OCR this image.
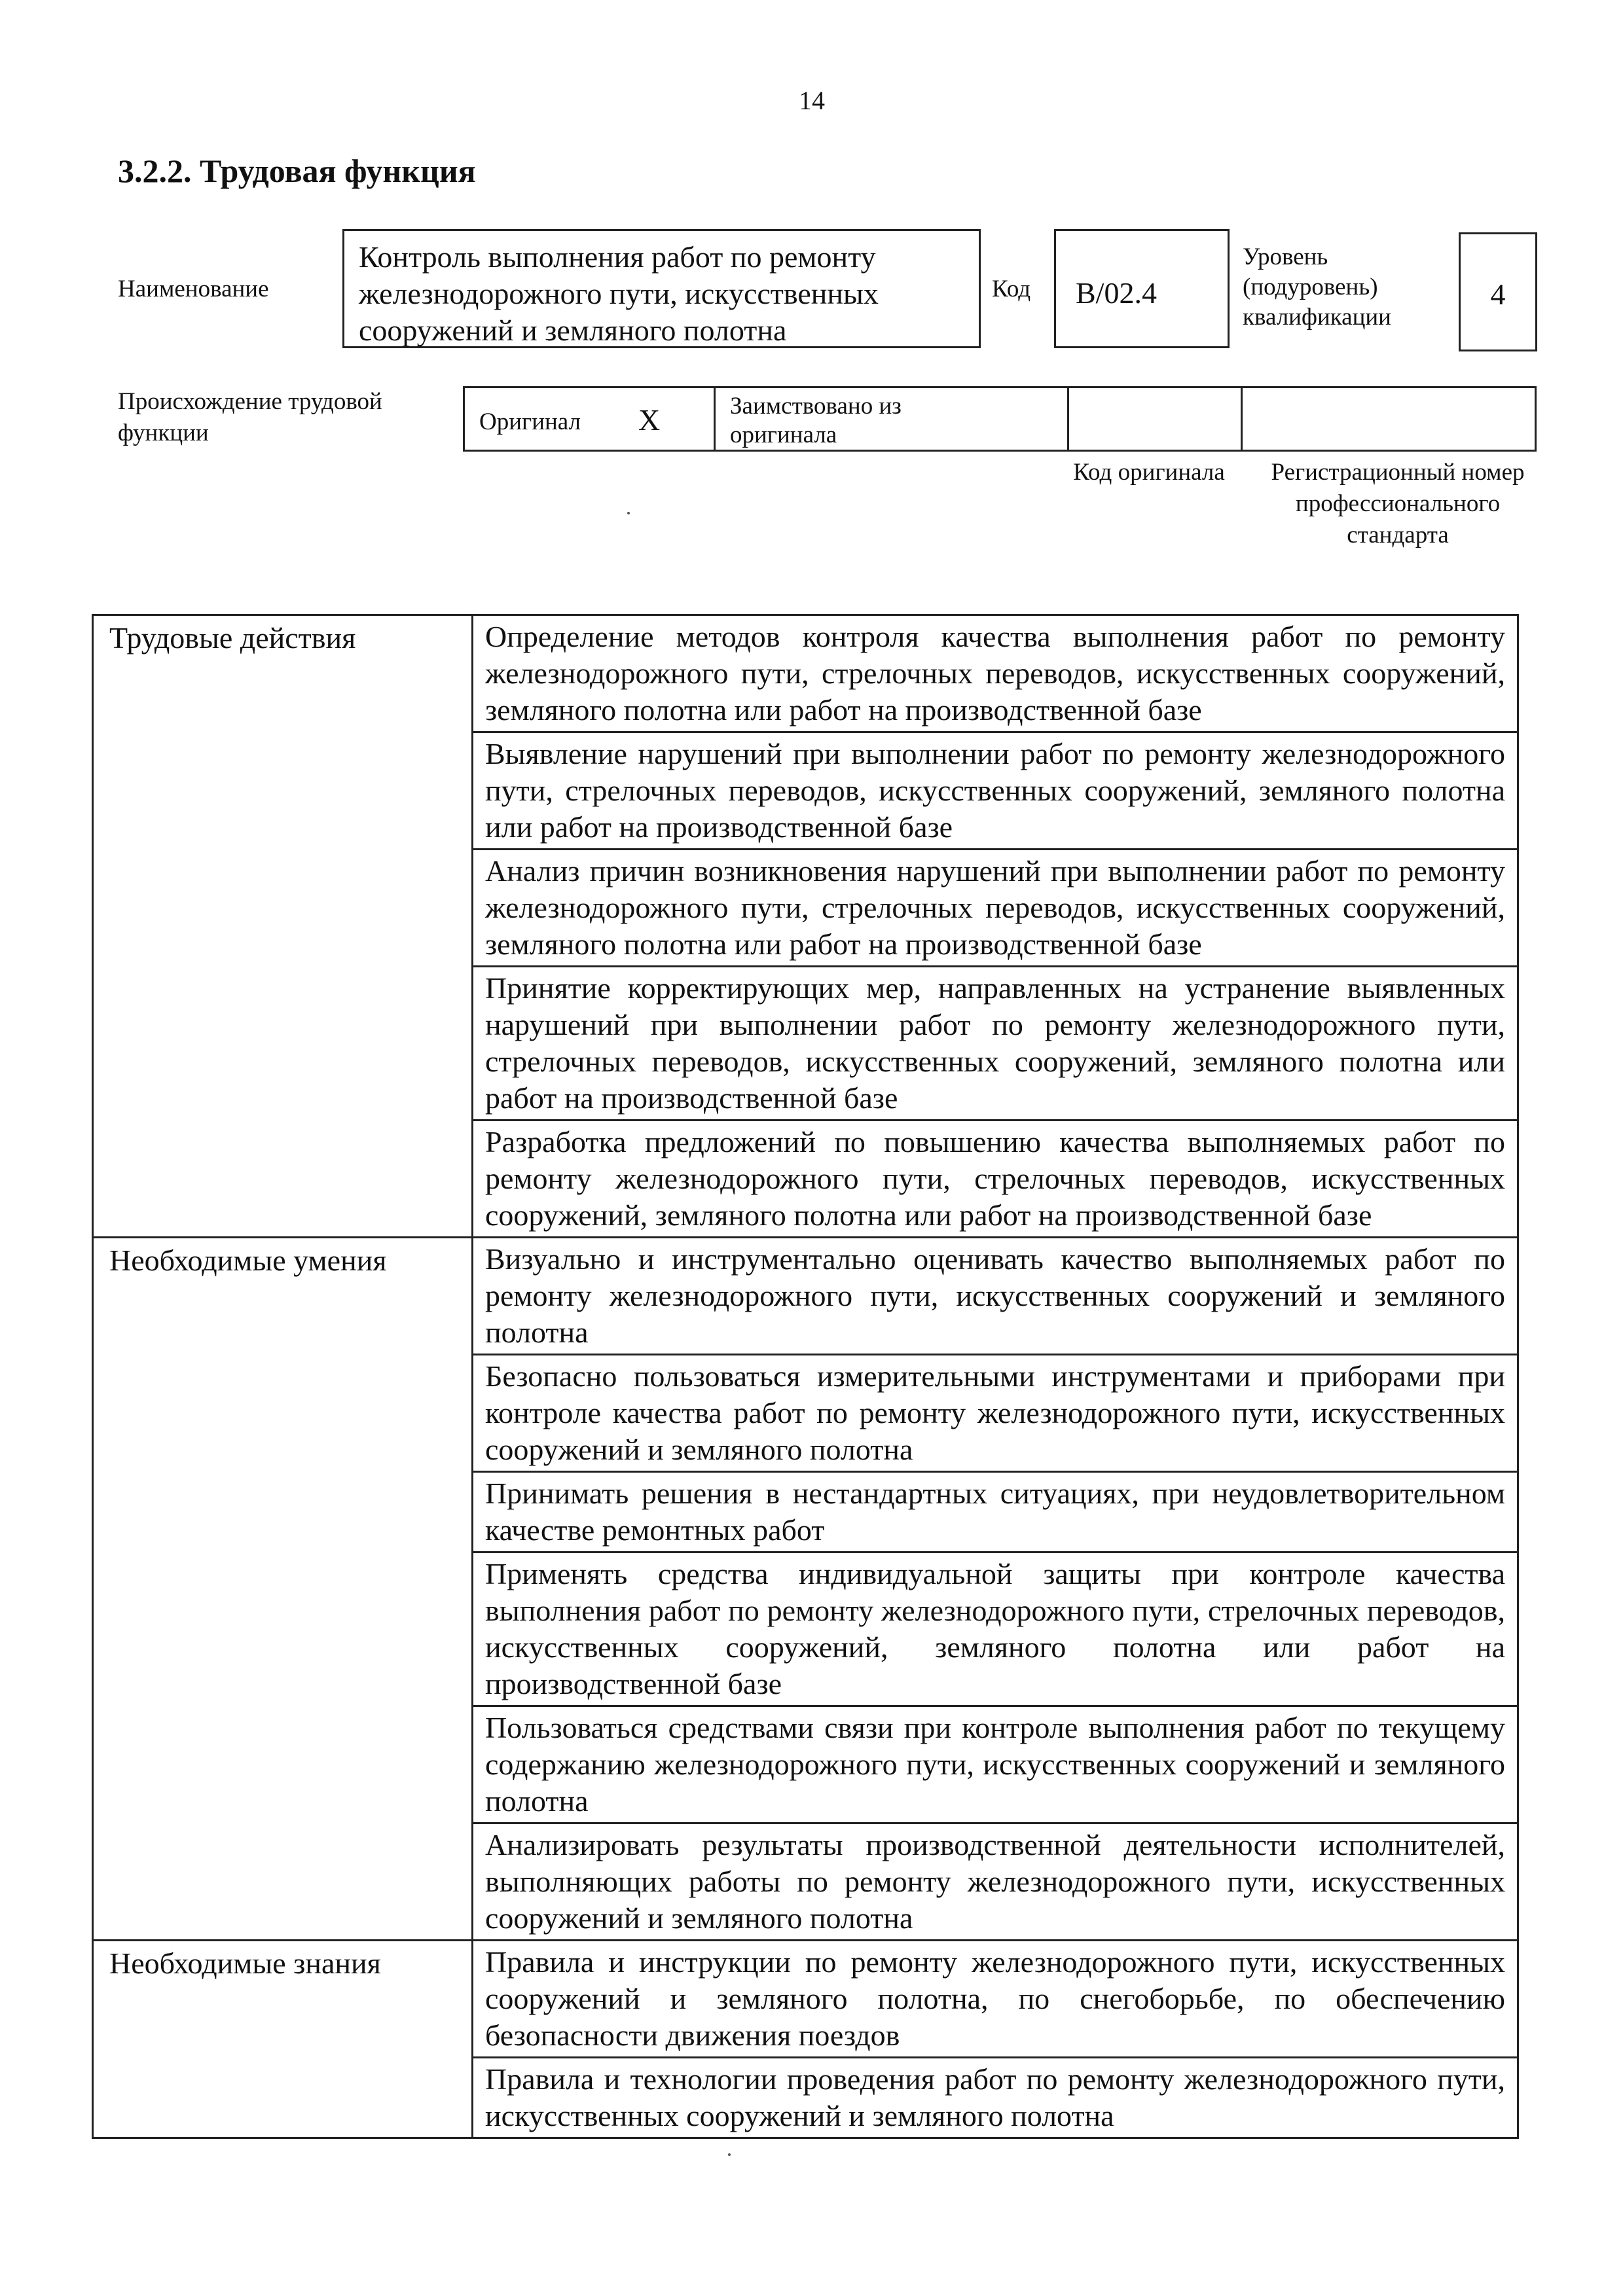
14
3.2.2. Трудовая функция
Наименование
Контроль выполнения работ по ремонту железнодорожного пути, искусственных сооружений и земляного полотна
Код	В/02.4
Уровень (подуровень) квалификации
4
Происхождение трудовой функции	Оригинал X	Заимствовано из оригинала
Код оригинала	Регистрационный номер профессионального стандарта
Трудовые действия	Определение методов контроля качества выполнения работ по ремонту железнодорожного пути, стрелочных переводов, искусственных сооружений, земляного полотна или работ на производственной базе
	Выявление нарушений при выполнении работ по ремонту железнодорожного пути, стрелочных переводов, искусственных сооружений, земляного полотна или работ на производственной базе
	Анализ причин возникновения нарушений при выполнении работ по ремонту железнодорожного пути, стрелочных переводов, искусственных сооружений, земляного полотна или работ на производственной базе
	Принятие корректирующих мер, направленных на устранение выявленных нарушений при выполнении работ по ремонту железнодорожного пути, стрелочных переводов, искусственных сооружений, земляного полотна или работ на производственной базе
	Разработка предложений по повышению качества выполняемых работ по ремонту железнодорожного пути, стрелочных переводов, искусственных сооружений, земляного полотна или работ на производственной базе
Необходимые умения	Визуально и инструментально оценивать качество выполняемых работ по ремонту железнодорожного пути, искусственных сооружений и земляного полотна
	Безопасно пользоваться измерительными инструментами и приборами при контроле качества работ по ремонту железнодорожного пути, искусственных сооружений и земляного полотна
	Принимать решения в нестандартных ситуациях, при неудовлетворительном качестве ремонтных работ
	Применять средства индивидуальной защиты при контроле качества выполнения работ по ремонту железнодорожного пути, стрелочных переводов, искусственных сооружений, земляного полотна или работ на производственной базе
	Пользоваться средствами связи при контроле выполнения работ по текущему содержанию железнодорожного пути, искусственных сооружений и земляного полотна
	Анализировать результаты производственной деятельности исполнителей, выполняющих работы по ремонту железнодорожного пути, искусственных сооружений и земляного полотна
Необходимые знания	Правила и инструкции по ремонту железнодорожного пути, искусственных сооружений и земляного полотна, по снегоборьбе, по обеспечению безопасности движения поездов
	Правила и технологии проведения работ по ремонту железнодорожного пути, искусственных сооружений и земляного полотна
